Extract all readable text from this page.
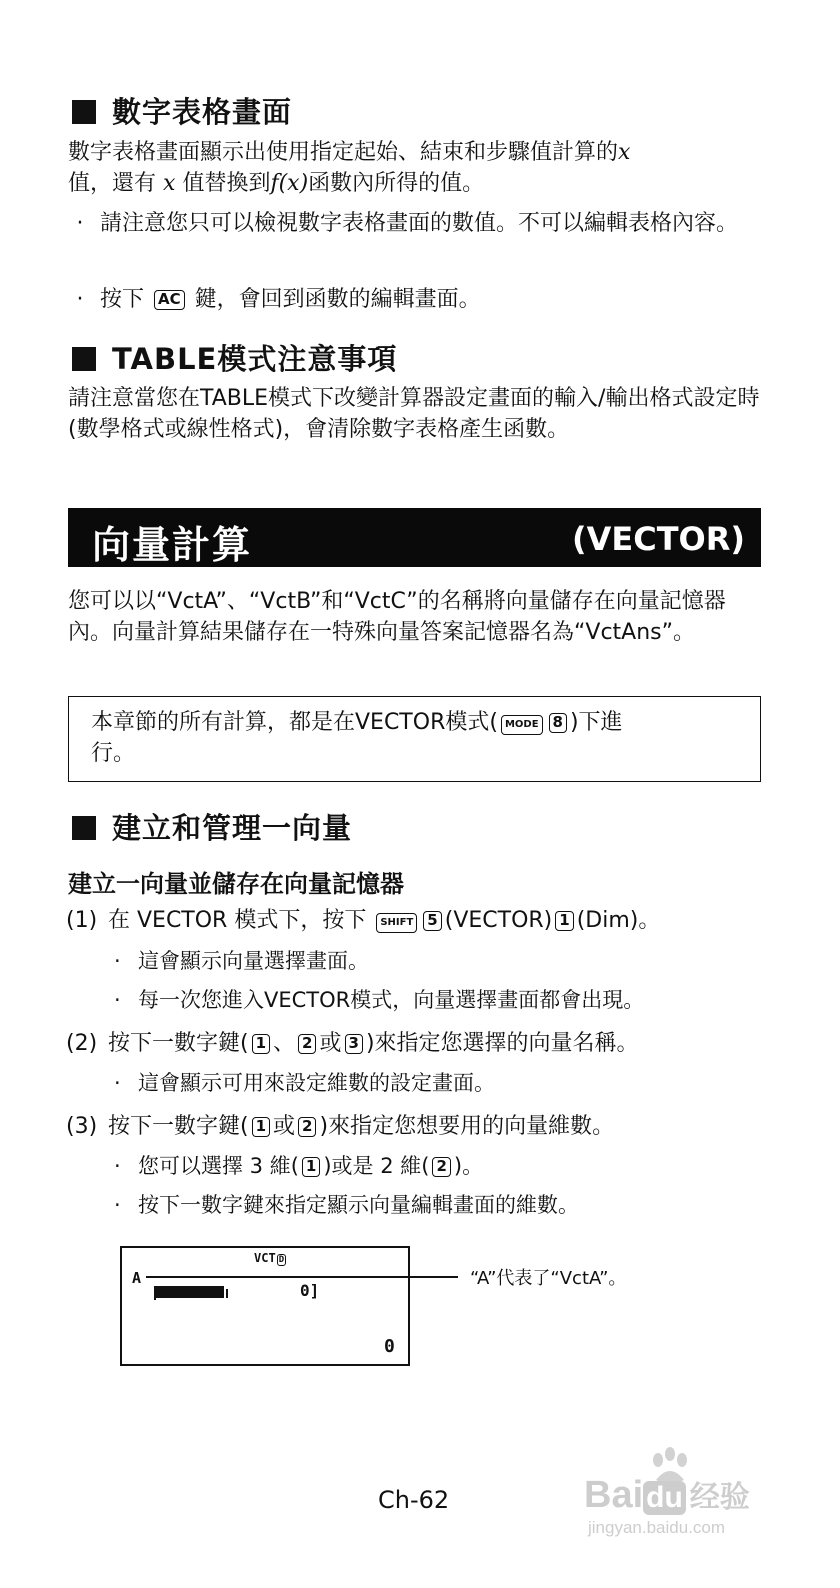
數字表格畫面
數字表格畫面顯示出使用指定起始、結束和步驟值計算的x
值，還有 x 值替換到f(x)函數內所得的值。
· 請注意您只可以檢視數字表格畫面的數值。不可以編輯表格內容。
· 按下 AC 鍵，會回到函數的編輯畫面。
TABLE模式注意事項
請注意當您在TABLE模式下改變計算器設定畫面的輸入/輸出格式設定時(數學格式或線性格式)，會清除數字表格產生函數。
向量計算	(VECTOR)
您可以以“VctA”、“VctB”和“VctC”的名稱將向量儲存在向量記憶器內。向量計算結果儲存在一特殊向量答案記憶器名為“VctAns”。
本章節的所有計算，都是在VECTOR模式( MODE 8 )下進
行。
建立和管理一向量
建立一向量並儲存在向量記憶器
(1) 在 VECTOR 模式下，按下 SHIFT 5 (VECTOR) 1 (Dim)。
· 這會顯示向量選擇畫面。
· 每一次您進入VECTOR模式，向量選擇畫面都會出現。
(2) 按下一數字鍵( 1 、 2 或 3 )來指定您選擇的向量名稱。
· 這會顯示可用來設定維數的設定畫面。
(3) 按下一數字鍵( 1 或 2 )來指定您想要用的向量維數。
· 您可以選擇 3 維( 1 )或是 2 維( 2 )。
· 按下一數字鍵來指定顯示向量編輯畫面的維數。
VCT D
A
0]
0
“A”代表了“VctA”。
Ch-62	Bai du 经验
jingyan.baidu.com
